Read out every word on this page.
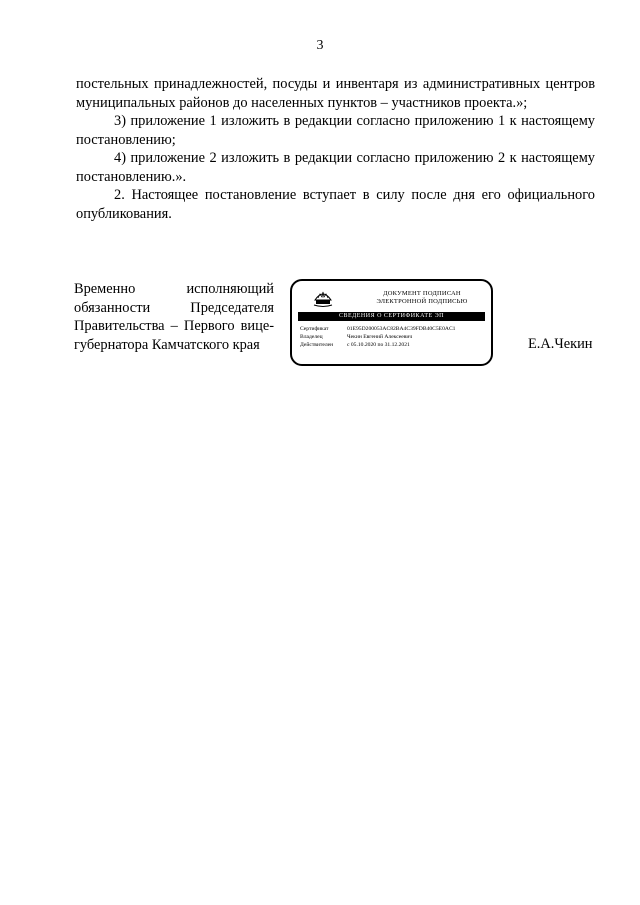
3

постельных принадлежностей, посуды и инвентаря из административных центров муниципальных районов до населенных пунктов – участников проекта.»;

3) приложение 1 изложить в редакции согласно приложению 1 к настоящему постановлению;

4) приложение 2 изложить в редакции согласно приложению 2 к настоящему постановлению.».

2. Настоящее постановление вступает в силу после дня его официального опубликования.

Временно исполняющий
обязанности Председателя
Правительства – Первого вице-
губернатора Камчатского края
ДОКУМЕНТ ПОДПИСАН ЭЛЕКТРОННОЙ ПОДПИСЬЮ
СВЕДЕНИЯ О СЕРТИФИКАТЕ ЭП
Сертификат	01E95D200053AC82BA4C39FDB40C5E0AC1
Владелец	Чекин Евгений Алексеевич
Действителен	с 05.10.2020 по 31.12.2021	Е.А.Чекин
